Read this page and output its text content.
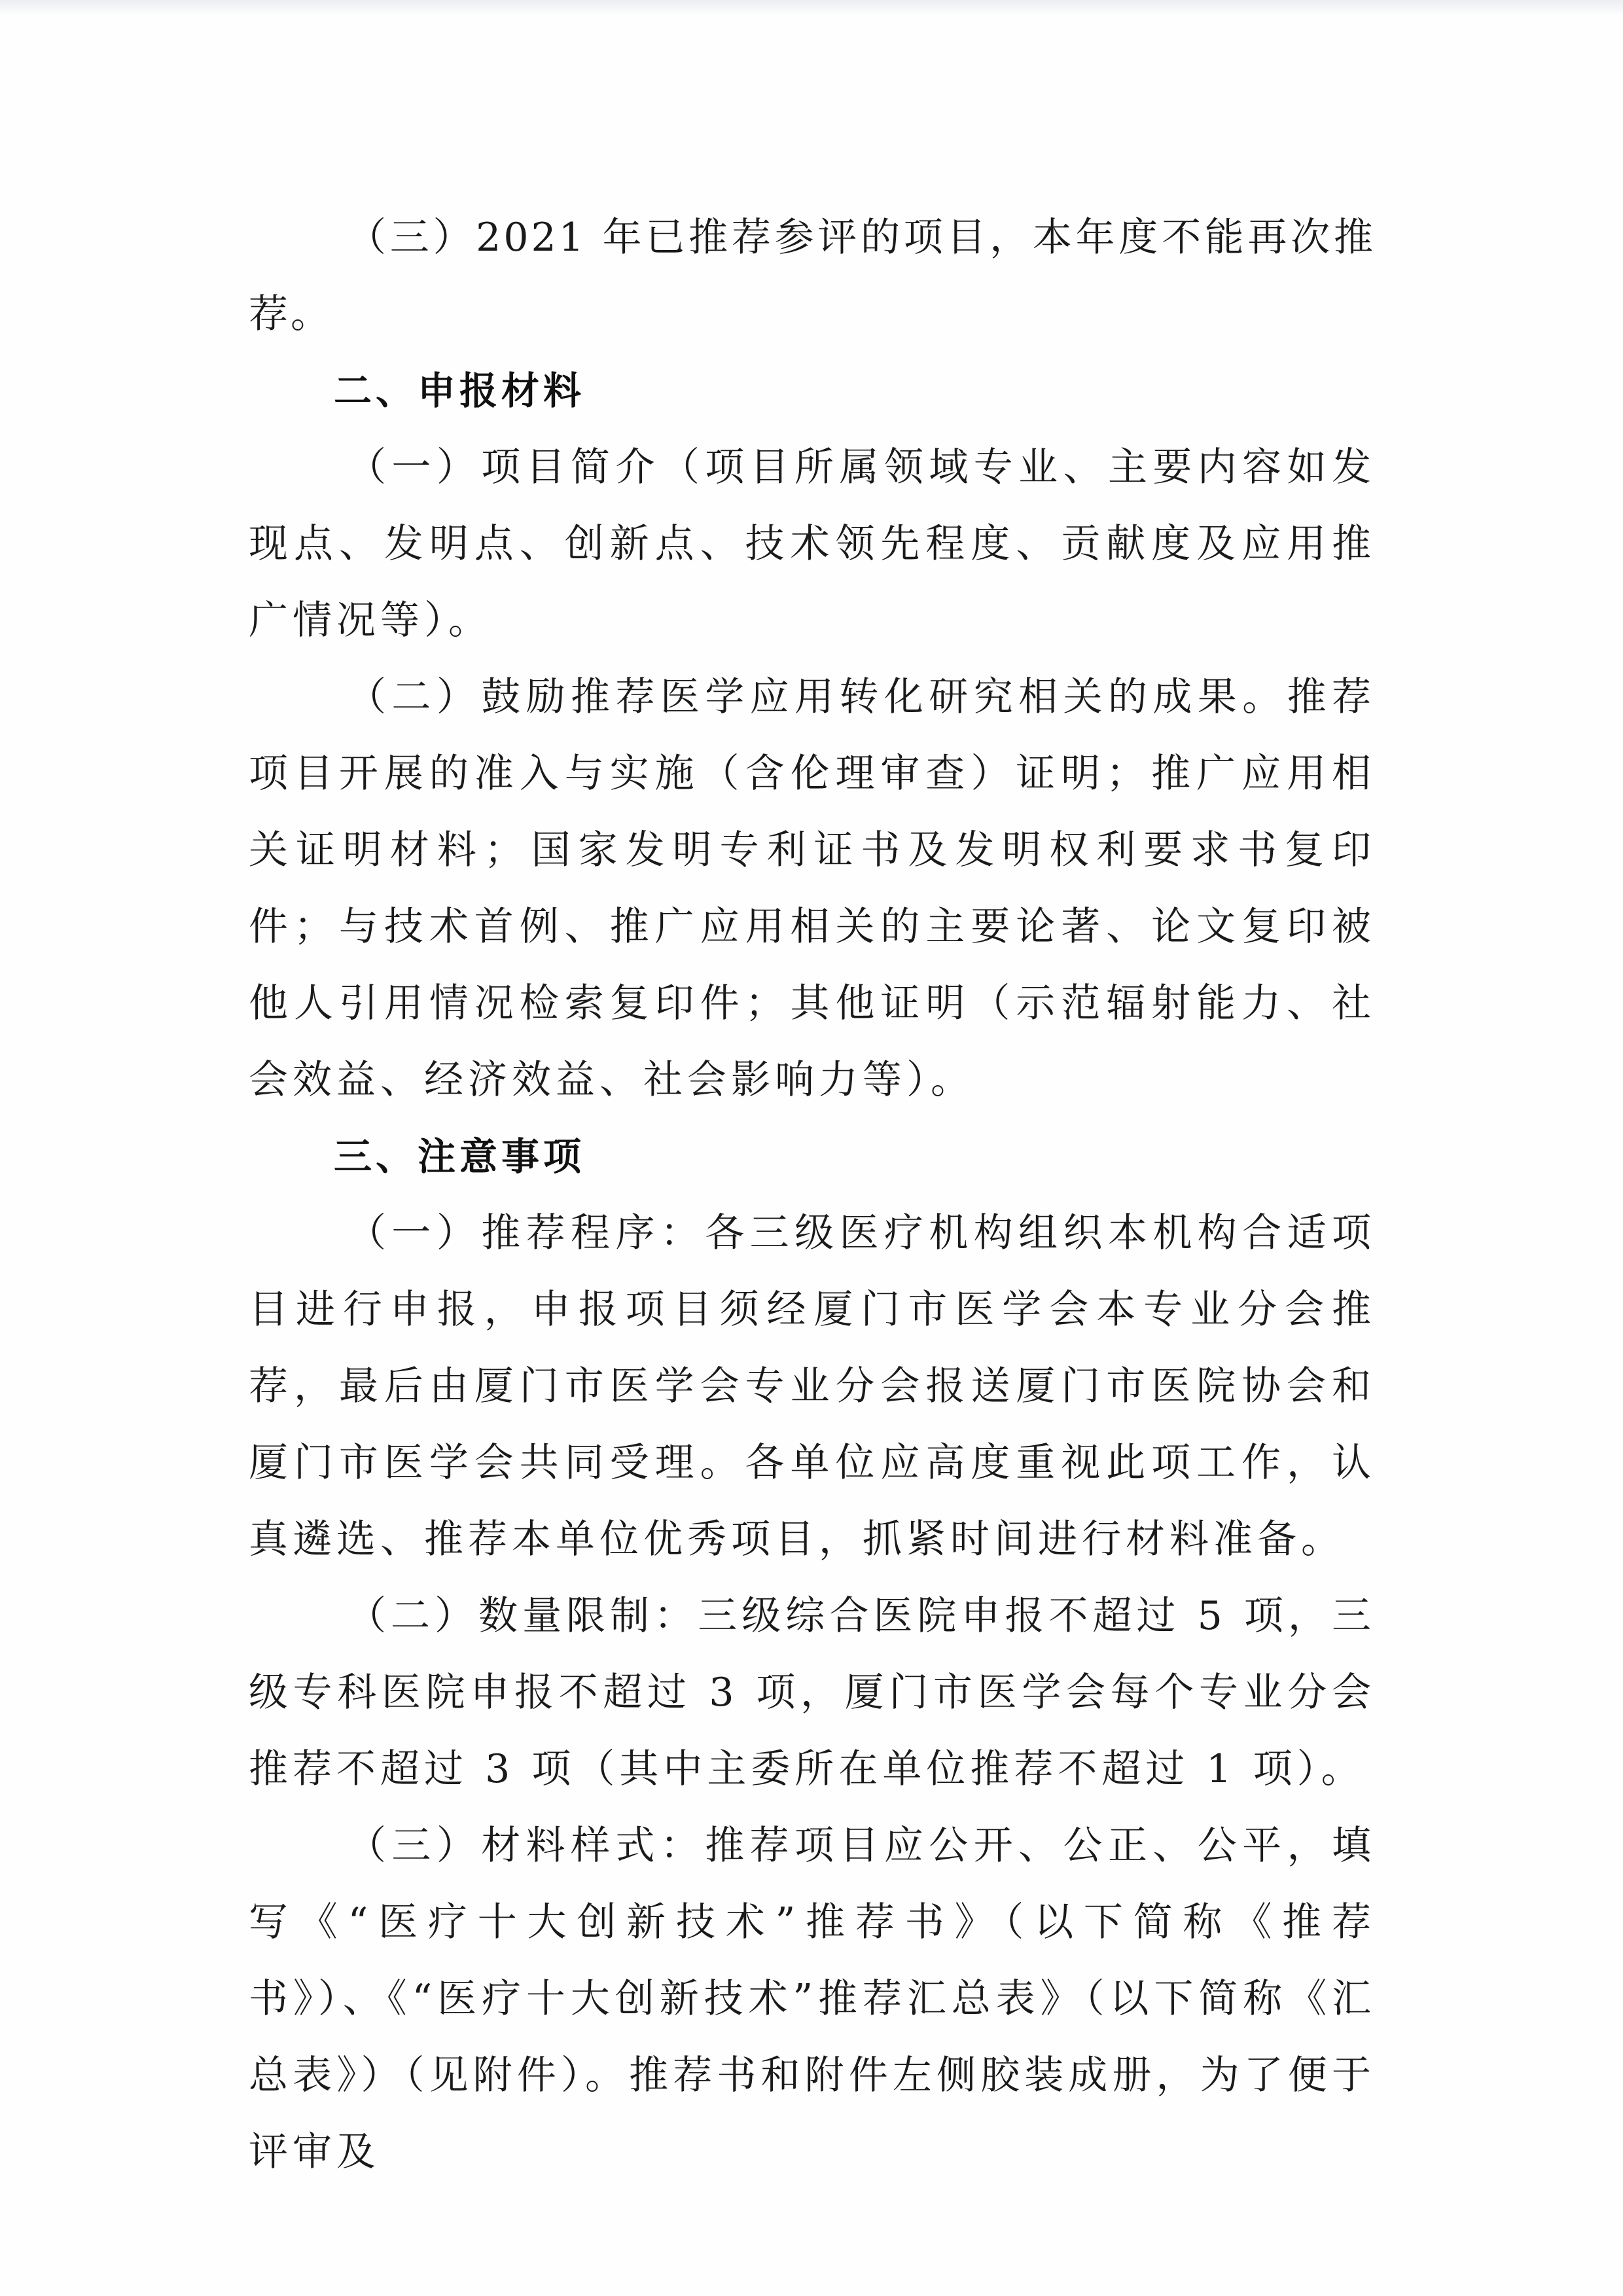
（三）2021 年已推荐参评的项目，本年度不能再次推荐。

二、申报材料

（一）项目简介（项目所属领域专业、主要内容如发现点、发明点、创新点、技术领先程度、贡献度及应用推广情况等）。

（二）鼓励推荐医学应用转化研究相关的成果。推荐项目开展的准入与实施（含伦理审查）证明；推广应用相关证明材料；国家发明专利证书及发明权利要求书复印件；与技术首例、推广应用相关的主要论著、论文复印被他人引用情况检索复印件；其他证明（示范辐射能力、社会效益、经济效益、社会影响力等）。

三、注意事项

（一）推荐程序：各三级医疗机构组织本机构合适项目进行申报，申报项目须经厦门市医学会本专业分会推荐，最后由厦门市医学会专业分会报送厦门市医院协会和厦门市医学会共同受理。各单位应高度重视此项工作，认真遴选、推荐本单位优秀项目，抓紧时间进行材料准备。

（二）数量限制：三级综合医院申报不超过 5 项，三级专科医院申报不超过 3 项，厦门市医学会每个专业分会推荐不超过 3 项（其中主委所在单位推荐不超过 1 项）。

（三）材料样式：推荐项目应公开、公正、公平，填写《“医疗十大创新技术”推荐书》（以下简称《推荐书》）、《“医疗十大创新技术”推荐汇总表》（以下简称《汇总表》）（见附件）。推荐书和附件左侧胶装成册，为了便于评审及
